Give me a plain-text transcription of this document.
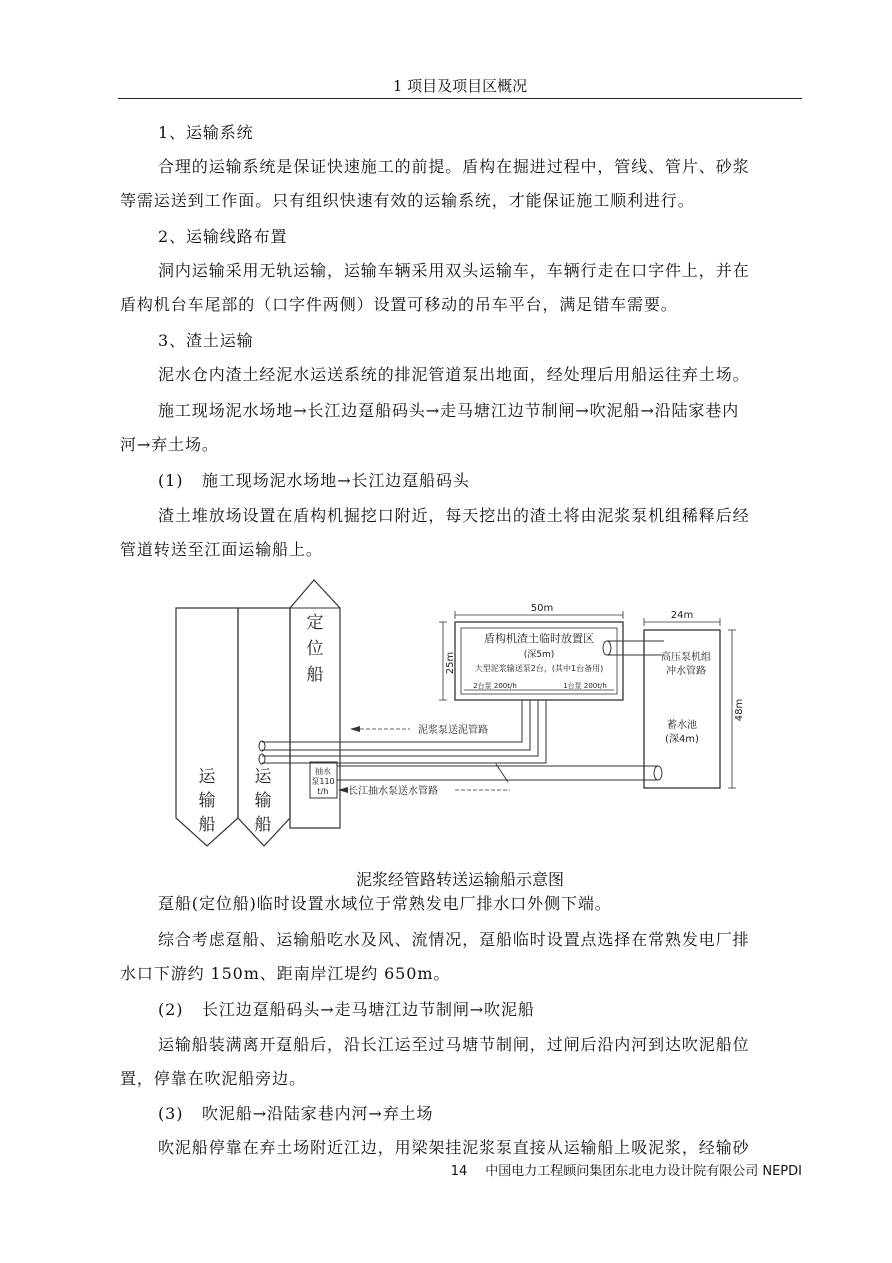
1 项目及项目区概况
1、运输系统
合理的运输系统是保证快速施工的前提。盾构在掘进过程中，管线、管片、砂浆
等需运送到工作面。只有组织快速有效的运输系统，才能保证施工顺利进行。
2、运输线路布置
洞内运输采用无轨运输，运输车辆采用双头运输车，车辆行走在口字件上，并在
盾构机台车尾部的（口字件两侧）设置可移动的吊车平台，满足错车需要。
3、渣土运输
泥水仓内渣土经泥水运送系统的排泥管道泵出地面，经处理后用船运往弃土场。
施工现场泥水场地→长江边趸船码头→走马塘江边节制闸→吹泥船→沿陆家巷内
河→弃土场。
(1) 施工现场泥水场地→长江边趸船码头
渣土堆放场设置在盾构机掘挖口附近，每天挖出的渣土将由泥浆泵机组稀释后经
管道转送至江面运输船上。
定
位
船
运
输
船
运
输
船
抽水
泵110
t/h
泥浆泵送泥管路
长江抽水泵送水管路
盾构机渣土临时放置区
(深5m)
大型泥浆输送泵2台，(其中1台备用)
2台泵 200t/h	1台泵 200t/h
50m
25m
24m
48m
高压泵机组
冲水管路
蓄水池
(深4m)
泥浆经管路转送运输船示意图
趸船(定位船)临时设置水域位于常熟发电厂排水口外侧下端。
综合考虑趸船、运输船吃水及风、流情况，趸船临时设置点选择在常熟发电厂排
水口下游约 150m、距南岸江堤约 650m。
(2) 长江边趸船码头→走马塘江边节制闸→吹泥船
运输船装满离开趸船后，沿长江运至过马塘节制闸，过闸后沿内河到达吹泥船位
置，停靠在吹泥船旁边。
(3) 吹泥船→沿陆家巷内河→弃土场
吹泥船停靠在弃土场附近江边，用梁架挂泥浆泵直接从运输船上吸泥浆，经输砂
14 中国电力工程顾问集团东北电力设计院有限公司 NEPDI
